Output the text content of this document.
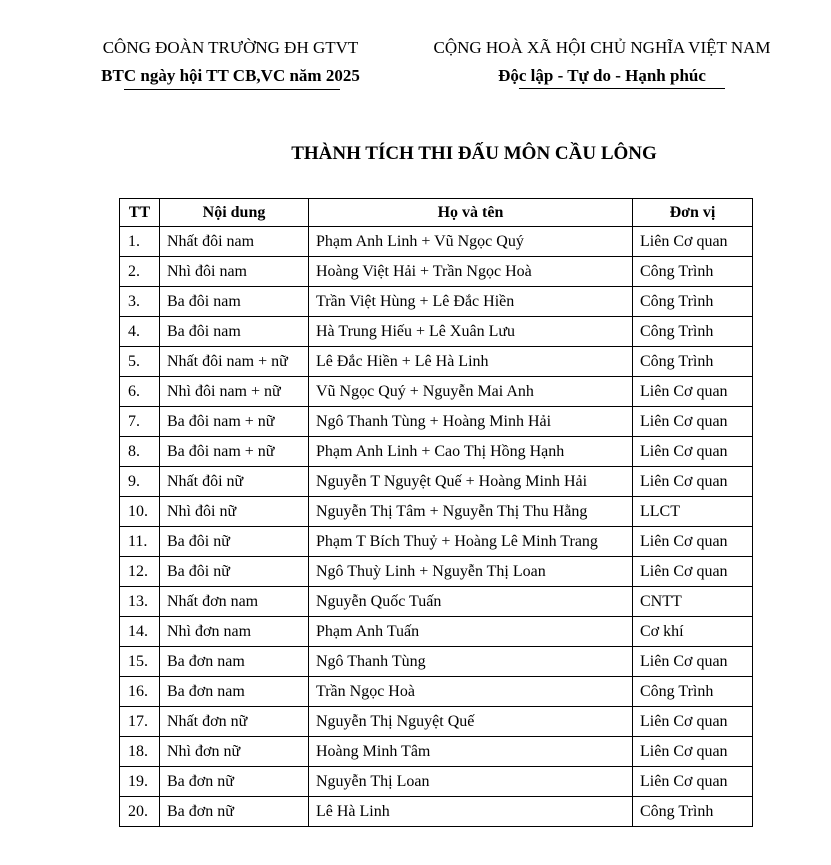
CÔNG ĐOÀN TRƯỜNG ĐH GTVT
BTC ngày hội TT CB,VC năm 2025
CỘNG HOÀ XÃ HỘI CHỦ NGHĨA VIỆT NAM
Độc lập - Tự do - Hạnh phúc
THÀNH TÍCH THI ĐẤU MÔN CẦU LÔNG
TT	Nội dung	Họ và tên	Đơn vị
1.	Nhất đôi nam	Phạm Anh Linh + Vũ Ngọc Quý	Liên Cơ quan
2.	Nhì đôi nam	Hoàng Việt Hải + Trần Ngọc Hoà	Công Trình
3.	Ba đôi nam	Trần Việt Hùng + Lê Đắc Hiền	Công Trình
4.	Ba đôi nam	Hà Trung Hiếu + Lê Xuân Lưu	Công Trình
5.	Nhất đôi nam + nữ	Lê Đắc Hiền + Lê Hà Linh	Công Trình
6.	Nhì đôi nam + nữ	Vũ Ngọc Quý + Nguyễn Mai Anh	Liên Cơ quan
7.	Ba đôi nam + nữ	Ngô Thanh Tùng + Hoàng Minh Hải	Liên Cơ quan
8.	Ba đôi nam + nữ	Phạm Anh Linh + Cao Thị Hồng Hạnh	Liên Cơ quan
9.	Nhất đôi nữ	Nguyễn T Nguyệt Quế + Hoàng Minh Hải	Liên Cơ quan
10.	Nhì đôi nữ	Nguyễn Thị Tâm + Nguyễn Thị Thu Hằng	LLCT
11.	Ba đôi nữ	Phạm T Bích Thuỷ + Hoàng Lê Minh Trang	Liên Cơ quan
12.	Ba đôi nữ	Ngô Thuỳ Linh + Nguyễn Thị Loan	Liên Cơ quan
13.	Nhất đơn nam	Nguyễn Quốc Tuấn	CNTT
14.	Nhì đơn nam	Phạm Anh Tuấn	Cơ khí
15.	Ba đơn nam	Ngô Thanh Tùng	Liên Cơ quan
16.	Ba đơn nam	Trần Ngọc Hoà	Công Trình
17.	Nhất đơn nữ	Nguyễn Thị Nguyệt Quế	Liên Cơ quan
18.	Nhì đơn nữ	Hoàng Minh Tâm	Liên Cơ quan
19.	Ba đơn nữ	Nguyễn Thị Loan	Liên Cơ quan
20.	Ba đơn nữ	Lê Hà Linh	Công Trình
